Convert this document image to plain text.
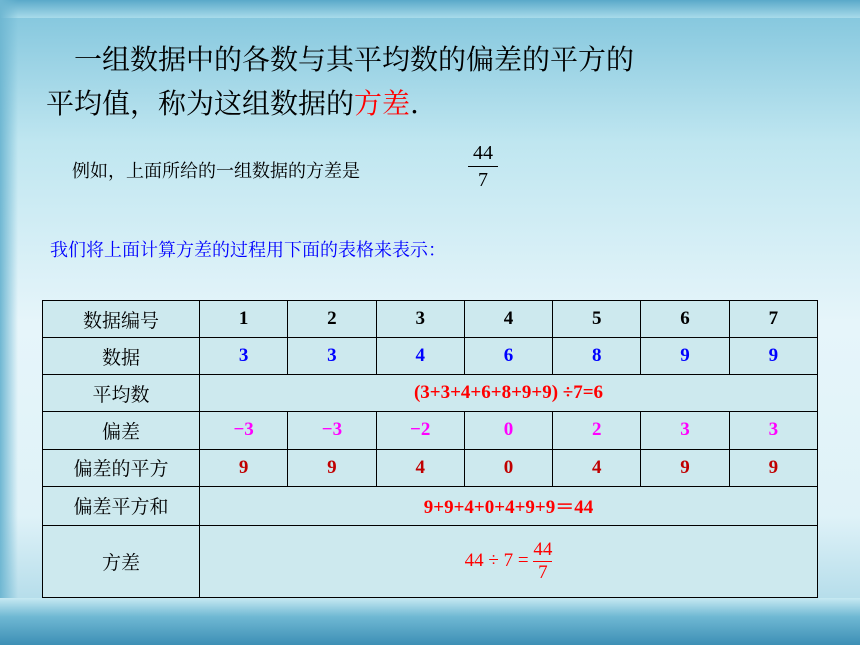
一组数据中的各数与其平均数的偏差的平方的
平均值，称为这组数据的方差.
例如，上面所给的一组数据的方差是
44
7
我们将上面计算方差的过程用下面的表格来表示：
数据编号	1	2	3	4	5	6	7
数据	3	3	4	6	8	9	9
平均数	(3+3+4+6+8+9+9) ÷7=6						
偏差	−3	−3	−2	0	2	3	3
偏差的平方	9	9	4	0	4	9	9
偏差平方和	9+9+4+0+4+9+9＝44						
方差	$44 \div 7 = \frac{44}{7}$
